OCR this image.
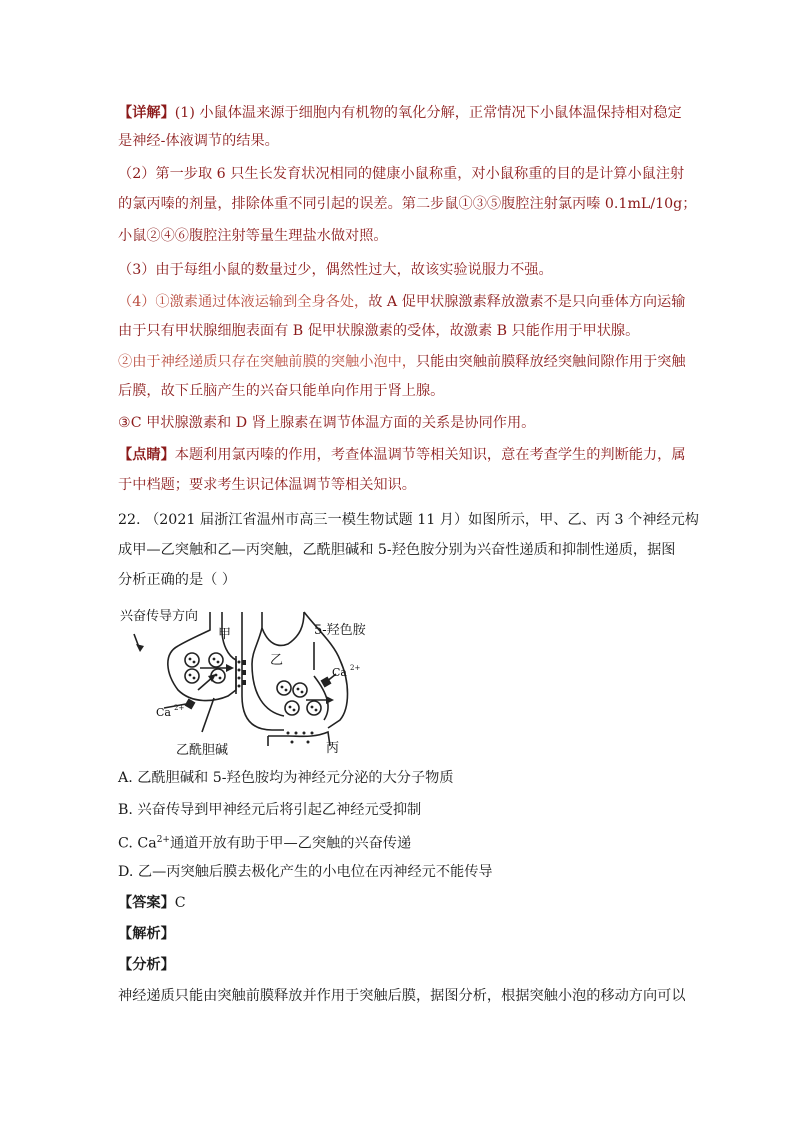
【详解】(1) 小鼠体温来源于细胞内有机物的氧化分解，正常情况下小鼠体温保持相对稳定
是神经-体液调节的结果。
（2）第一步取 6 只生长发育状况相同的健康小鼠称重，对小鼠称重的目的是计算小鼠注射
的氯丙嗪的剂量，排除体重不同引起的误差。第二步鼠①③⑤腹腔注射氯丙嗪 0.1mL/10g；
小鼠②④⑥腹腔注射等量生理盐水做对照。
（3）由于每组小鼠的数量过少，偶然性过大，故该实验说服力不强。
（4）①激素通过体液运输到全身各处，故 A 促甲状腺激素释放激素不是只向垂体方向运输
由于只有甲状腺细胞表面有 B 促甲状腺激素的受体，故激素 B 只能作用于甲状腺。
②由于神经递质只存在突触前膜的突触小泡中，只能由突触前膜释放经突触间隙作用于突触
后膜，故下丘脑产生的兴奋只能单向作用于肾上腺。
③C 甲状腺激素和 D 肾上腺素在调节体温方面的关系是协同作用。
【点睛】本题利用氯丙嗪的作用，考查体温调节等相关知识，意在考查学生的判断能力，属
于中档题；要求考生识记体温调节等相关知识。
22. （2021 届浙江省温州市高三一模生物试题 11 月）如图所示，甲、乙、丙 3 个神经元构
成甲—乙突触和乙—丙突触，乙酰胆碱和 5-羟色胺分别为兴奋性递质和抑制性递质，据图
分析正确的是（ ）
兴奋传导方向
甲
乙
5-羟色胺
丙
乙酰胆碱
Ca 2+
Ca 2+
A. 乙酰胆碱和 5-羟色胺均为神经元分泌的大分子物质
B. 兴奋传导到甲神经元后将引起乙神经元受抑制
C. $Ca^{2+}$通道开放有助于甲—乙突触的兴奋传递
D. 乙—丙突触后膜去极化产生的小电位在丙神经元不能传导
【答案】C
【解析】
【分析】
神经递质只能由突触前膜释放并作用于突触后膜，据图分析，根据突触小泡的移动方向可以
